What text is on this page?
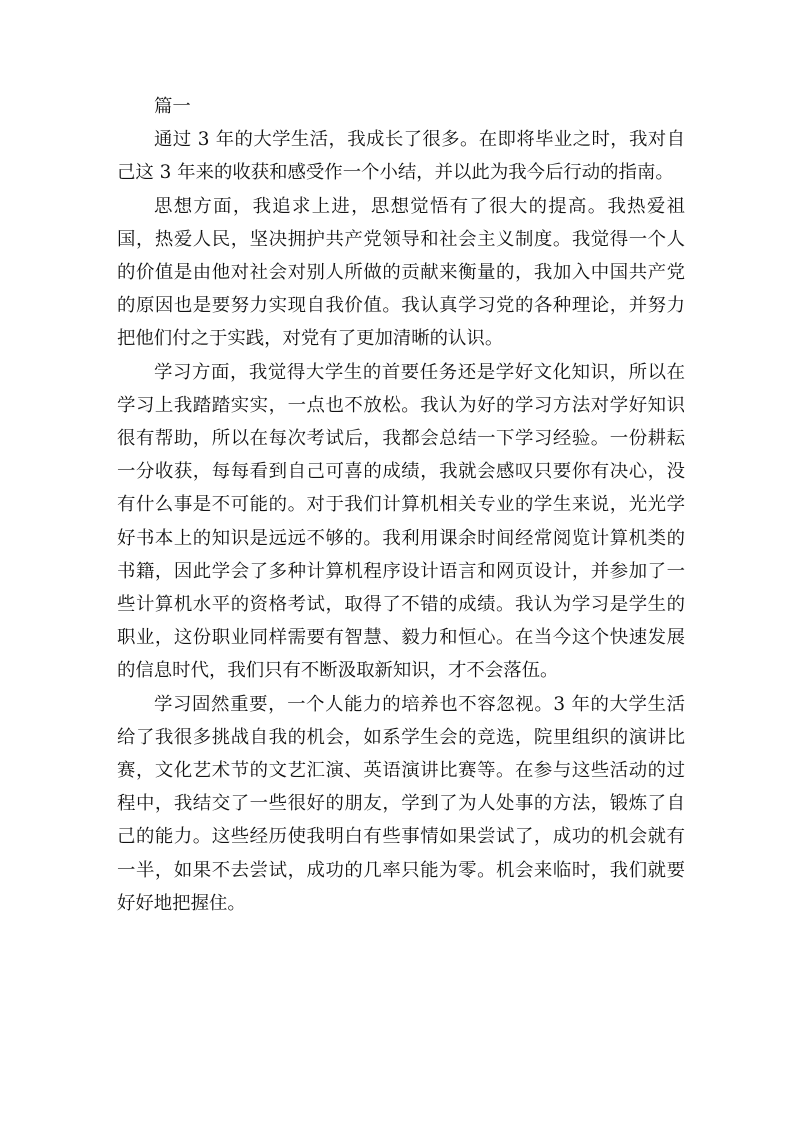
篇一

通过 3 年的大学生活，我成长了很多。在即将毕业之时，我对自己这 3 年来的收获和感受作一个小结，并以此为我今后行动的指南。

思想方面，我追求上进，思想觉悟有了很大的提高。我热爱祖国，热爱人民，坚决拥护共产党领导和社会主义制度。我觉得一个人的价值是由他对社会对别人所做的贡献来衡量的，我加入中国共产党的原因也是要努力实现自我价值。我认真学习党的各种理论，并努力把他们付之于实践，对党有了更加清晰的认识。

学习方面，我觉得大学生的首要任务还是学好文化知识，所以在学习上我踏踏实实，一点也不放松。我认为好的学习方法对学好知识很有帮助，所以在每次考试后，我都会总结一下学习经验。一份耕耘一分收获，每每看到自己可喜的成绩，我就会感叹只要你有决心，没有什么事是不可能的。对于我们计算机相关专业的学生来说，光光学好书本上的知识是远远不够的。我利用课余时间经常阅览计算机类的书籍，因此学会了多种计算机程序设计语言和网页设计，并参加了一些计算机水平的资格考试，取得了不错的成绩。我认为学习是学生的职业，这份职业同样需要有智慧、毅力和恒心。在当今这个快速发展的信息时代，我们只有不断汲取新知识，才不会落伍。

学习固然重要，一个人能力的培养也不容忽视。3 年的大学生活给了我很多挑战自我的机会，如系学生会的竞选，院里组织的演讲比赛，文化艺术节的文艺汇演、英语演讲比赛等。在参与这些活动的过程中，我结交了一些很好的朋友，学到了为人处事的方法，锻炼了自己的能力。这些经历使我明白有些事情如果尝试了，成功的机会就有一半，如果不去尝试，成功的几率只能为零。机会来临时，我们就要好好地把握住。
